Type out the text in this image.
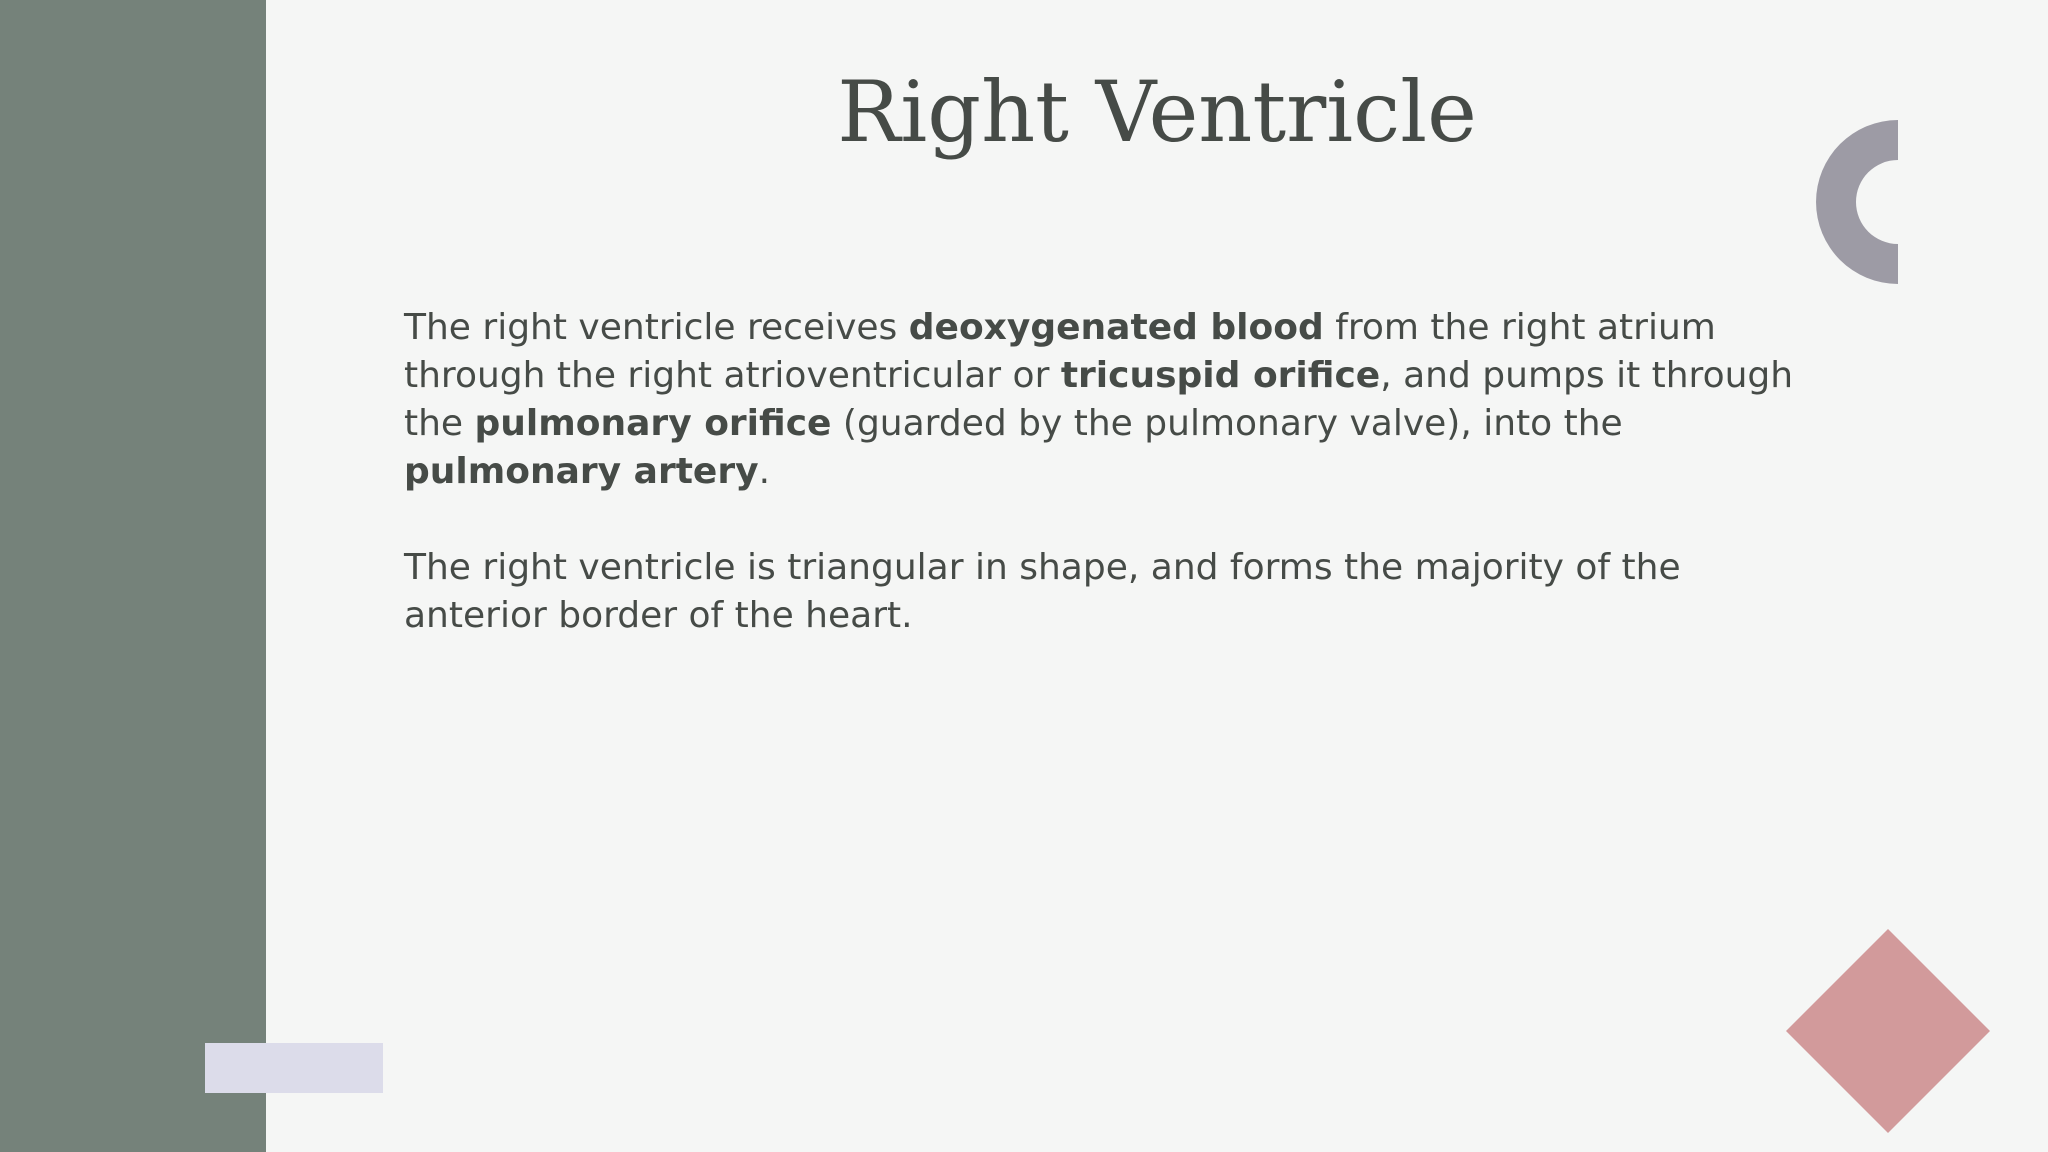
Right Ventricle

The right ventricle receives deoxygenated blood from the right atrium through the right atrioventricular or tricuspid orifice, and pumps it through the pulmonary orifice (guarded by the pulmonary valve), into the pulmonary artery.

The right ventricle is triangular in shape, and forms the majority of the anterior border of the heart.
